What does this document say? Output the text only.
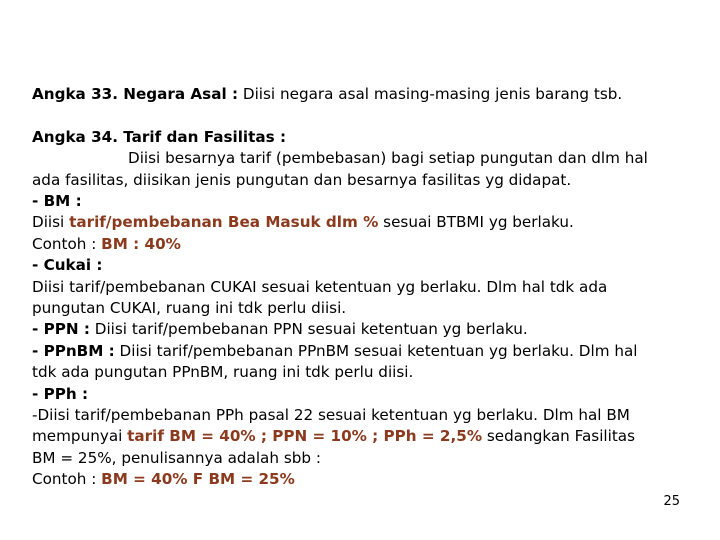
Angka 33. Negara Asal : Diisi negara asal masing-masing jenis barang tsb.
Angka 34. Tarif dan Fasilitas :
Diisi besarnya tarif (pembebasan) bagi setiap pungutan dan dlm hal
ada fasilitas, diisikan jenis pungutan dan besarnya fasilitas yg didapat.
- BM :
Diisi tarif/pembebanan Bea Masuk dlm % sesuai BTBMI yg berlaku.
Contoh : BM : 40%
- Cukai :
Diisi tarif/pembebanan CUKAI sesuai ketentuan yg berlaku. Dlm hal tdk ada
pungutan CUKAI, ruang ini tdk perlu diisi.
- PPN : Diisi tarif/pembebanan PPN sesuai ketentuan yg berlaku.
- PPnBM : Diisi tarif/pembebanan PPnBM sesuai ketentuan yg berlaku. Dlm hal
tdk ada pungutan PPnBM, ruang ini tdk perlu diisi.
- PPh :
-Diisi tarif/pembebanan PPh pasal 22 sesuai ketentuan yg berlaku. Dlm hal BM
mempunyai tarif BM = 40% ; PPN = 10% ; PPh = 2,5% sedangkan Fasilitas
BM = 25%, penulisannya adalah sbb :
Contoh : BM = 40% F BM = 25%
25
